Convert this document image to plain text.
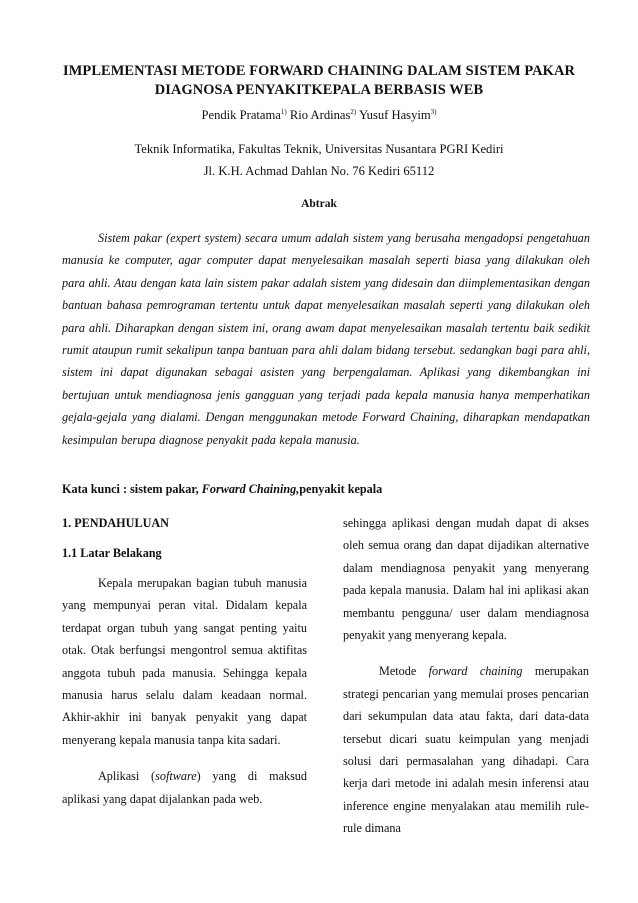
IMPLEMENTASI METODE FORWARD CHAINING DALAM SISTEM PAKAR DIAGNOSA PENYAKITKEPALA BERBASIS WEB
Pendik Pratama$^{1)}$ Rio Ardinas$^{2)}$ Yusuf Hasyim$^{3)}$
Teknik Informatika, Fakultas Teknik, Universitas Nusantara PGRI Kediri
Jl. K.H. Achmad Dahlan No. 76 Kediri 65112
Abtrak
Sistem pakar (expert system) secara umum adalah sistem yang berusaha mengadopsi pengetahuan manusia ke computer, agar computer dapat menyelesaikan masalah seperti biasa yang dilakukan oleh para ahli. Atau dengan kata lain sistem pakar adalah sistem yang didesain dan diimplementasikan dengan bantuan bahasa pemrograman tertentu untuk dapat menyelesaikan masalah seperti yang dilakukan oleh para ahli. Diharapkan dengan sistem ini, orang awam dapat menyelesaikan masalah tertentu baik sedikit rumit ataupun rumit sekalipun tanpa bantuan para ahli dalam bidang tersebut. sedangkan bagi para ahli, sistem ini dapat digunakan sebagai asisten yang berpengalaman. Aplikasi yang dikembangkan ini bertujuan untuk mendiagnosa jenis gangguan yang terjadi pada kepala manusia hanya memperhatikan gejala-gejala yang dialami. Dengan menggunakan metode Forward Chaining, diharapkan mendapatkan kesimpulan berupa diagnose penyakit pada kepala manusia.
Kata kunci : sistem pakar, Forward Chaining,penyakit kepala
1. PENDAHULUAN
1.1 Latar Belakang

Kepala merupakan bagian tubuh manusia yang mempunyai peran vital. Didalam kepala terdapat organ tubuh yang sangat penting yaitu otak. Otak berfungsi mengontrol semua aktifitas anggota tubuh pada manusia. Sehingga kepala manusia harus selalu dalam keadaan normal. Akhir-akhir ini banyak penyakit yang dapat menyerang kepala manusia tanpa kita sadari.

Aplikasi (software) yang di maksud aplikasi yang dapat dijalankan pada web.

sehingga aplikasi dengan mudah dapat di akses oleh semua orang dan dapat dijadikan alternative dalam mendiagnosa penyakit yang menyerang pada kepala manusia. Dalam hal ini aplikasi akan membantu pengguna/ user dalam mendiagnosa penyakit yang menyerang kepala.

Metode forward chaining merupakan strategi pencarian yang memulai proses pencarian dari sekumpulan data atau fakta, dari data-data tersebut dicari suatu keimpulan yang menjadi solusi dari permasalahan yang dihadapi. Cara kerja dari metode ini adalah mesin inferensi atau inference engine menyalakan atau memilih rule-rule dimana
